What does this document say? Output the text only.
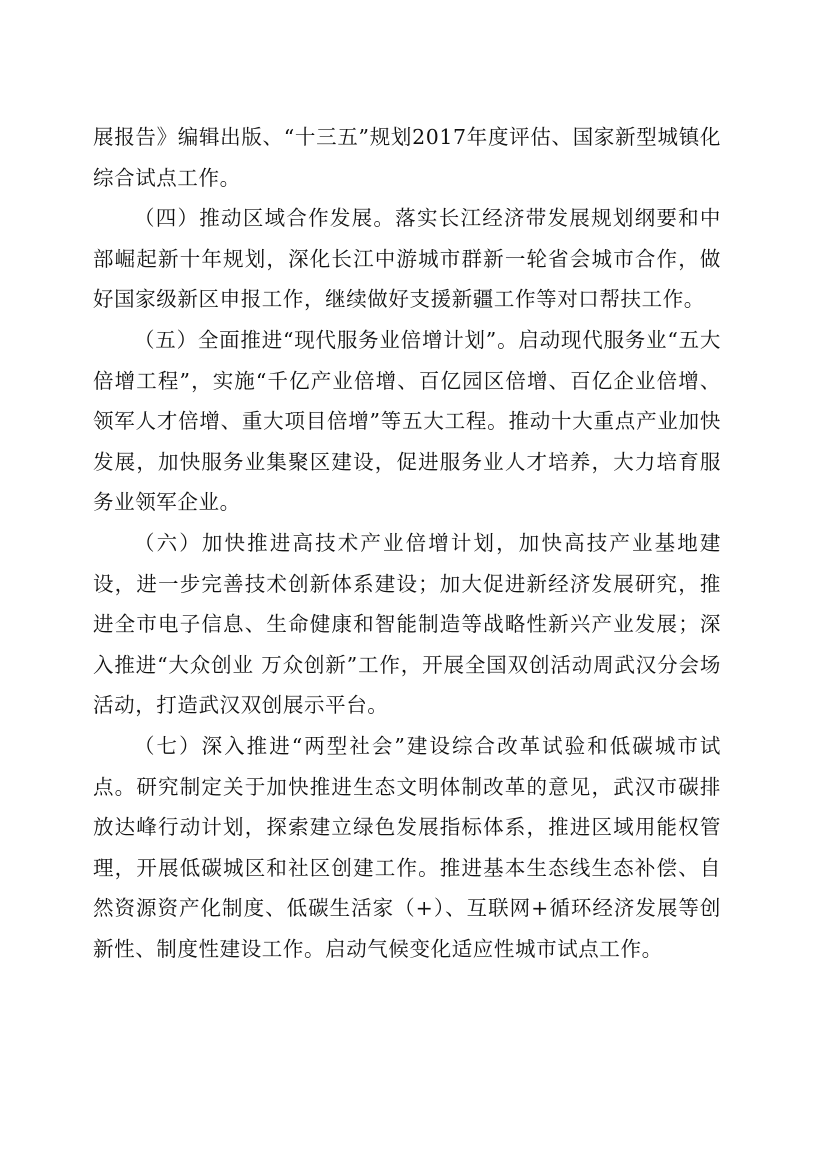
展报告》编辑出版、“十三五”规划2017年度评估、国家新型城镇化综合试点工作。

（四）推动区域合作发展。落实长江经济带发展规划纲要和中部崛起新十年规划，深化长江中游城市群新一轮省会城市合作，做好国家级新区申报工作，继续做好支援新疆工作等对口帮扶工作。

（五）全面推进“现代服务业倍增计划”。启动现代服务业“五大倍增工程”，实施“千亿产业倍增、百亿园区倍增、百亿企业倍增、领军人才倍增、重大项目倍增”等五大工程。推动十大重点产业加快发展，加快服务业集聚区建设，促进服务业人才培养，大力培育服务业领军企业。

（六）加快推进高技术产业倍增计划，加快高技产业基地建设，进一步完善技术创新体系建设；加大促进新经济发展研究，推进全市电子信息、生命健康和智能制造等战略性新兴产业发展；深入推进“大众创业 万众创新”工作，开展全国双创活动周武汉分会场活动，打造武汉双创展示平台。

（七）深入推进“两型社会”建设综合改革试验和低碳城市试点。研究制定关于加快推进生态文明体制改革的意见，武汉市碳排放达峰行动计划，探索建立绿色发展指标体系，推进区域用能权管理，开展低碳城区和社区创建工作。推进基本生态线生态补偿、自然资源资产化制度、低碳生活家（+）、互联网+循环经济发展等创新性、制度性建设工作。启动气候变化适应性城市试点工作。
